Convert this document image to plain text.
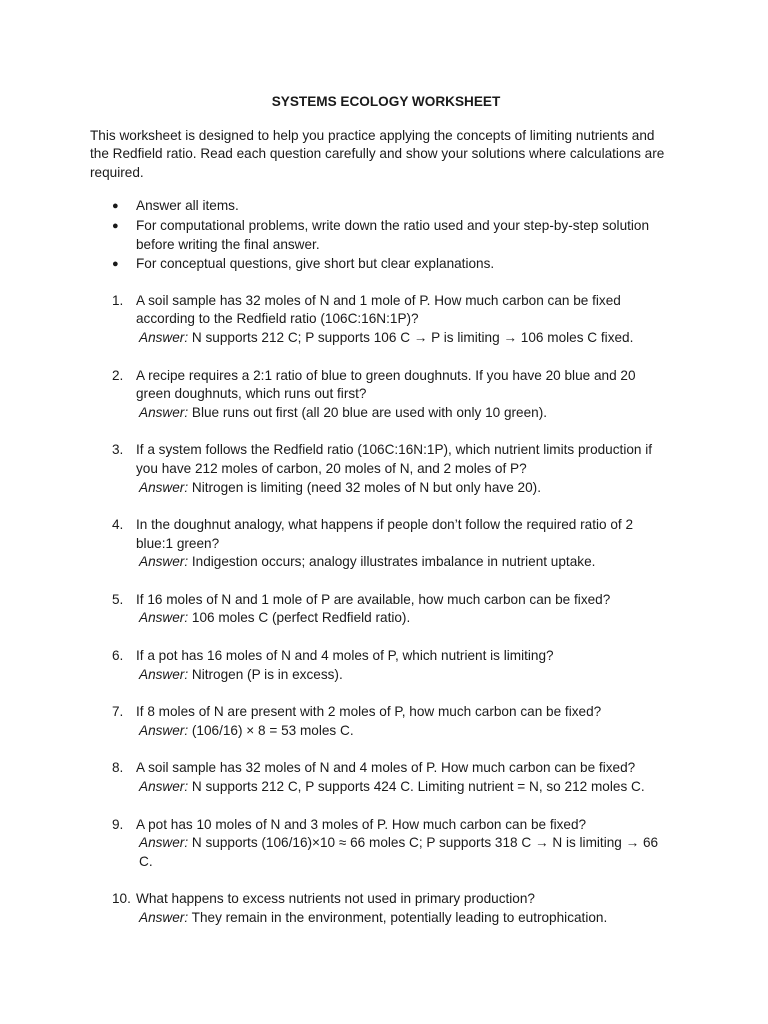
SYSTEMS ECOLOGY WORKSHEET

This worksheet is designed to help you practice applying the concepts of limiting nutrients and the Redfield ratio. Read each question carefully and show your solutions where calculations are required.

● Answer all items.
● For computational problems, write down the ratio used and your step-by-step solution before writing the final answer.
● For conceptual questions, give short but clear explanations.
1. A soil sample has 32 moles of N and 1 mole of P. How much carbon can be fixed according to the Redfield ratio (106C:16N:1P)?
Answer: N supports 212 C; P supports 106 C → P is limiting → 106 moles C fixed.
2. A recipe requires a 2:1 ratio of blue to green doughnuts. If you have 20 blue and 20 green doughnuts, which runs out first?
Answer: Blue runs out first (all 20 blue are used with only 10 green).
3. If a system follows the Redfield ratio (106C:16N:1P), which nutrient limits production if you have 212 moles of carbon, 20 moles of N, and 2 moles of P?
Answer: Nitrogen is limiting (need 32 moles of N but only have 20).
4. In the doughnut analogy, what happens if people don’t follow the required ratio of 2 blue:1 green?
Answer: Indigestion occurs; analogy illustrates imbalance in nutrient uptake.
5. If 16 moles of N and 1 mole of P are available, how much carbon can be fixed?
Answer: 106 moles C (perfect Redfield ratio).
6. If a pot has 16 moles of N and 4 moles of P, which nutrient is limiting?
Answer: Nitrogen (P is in excess).
7. If 8 moles of N are present with 2 moles of P, how much carbon can be fixed?
Answer: (106/16) × 8 = 53 moles C.
8. A soil sample has 32 moles of N and 4 moles of P. How much carbon can be fixed?
Answer: N supports 212 C, P supports 424 C. Limiting nutrient = N, so 212 moles C.
9. A pot has 10 moles of N and 3 moles of P. How much carbon can be fixed?
Answer: N supports (106/16)×10 ≈ 66 moles C; P supports 318 C → N is limiting → 66 C.
10. What happens to excess nutrients not used in primary production?
Answer: They remain in the environment, potentially leading to eutrophication.
